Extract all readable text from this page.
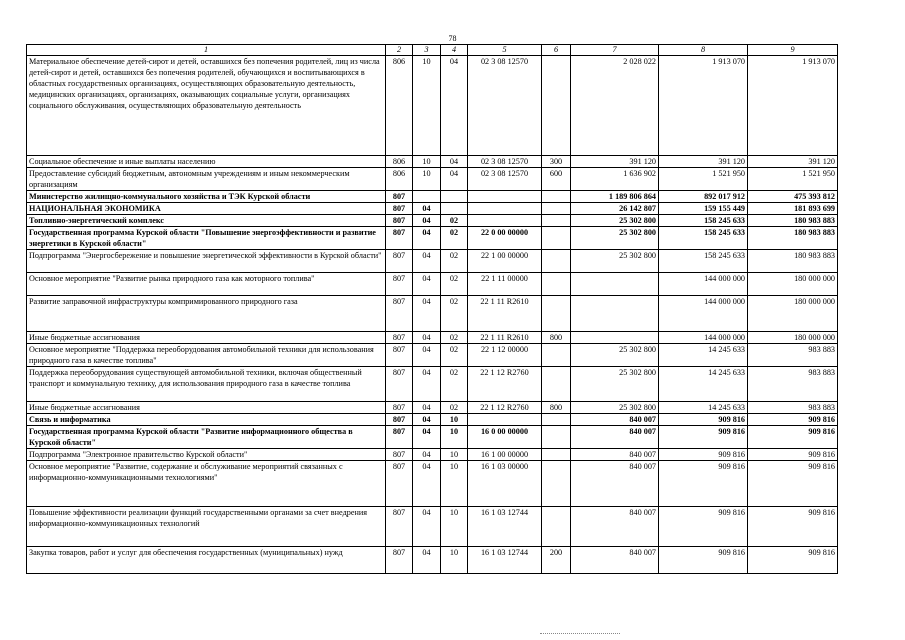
78
1	2	3	4	5	6	7	8	9
Материальное обеспечение детей-сирот и детей, оставшихся без попечения родителей, лиц из числа детей-сирот и детей, оставшихся без попечения родителей, обучающихся и воспитывающихся в областных государственных организациях, осуществляющих образовательную деятельность, медицинских организациях, организациях, оказывающих социальные услуги, организациях социального обслуживания, осуществляющих образовательную деятельность	806	10	04	02 3 08 12570		2 028 022	1 913 070	1 913 070
Социальное обеспечение и иные выплаты населению	806	10	04	02 3 08 12570	300	391 120	391 120	391 120
Предоставление субсидий бюджетным, автономным учреждениям и иным некоммерческим организациям	806	10	04	02 3 08 12570	600	1 636 902	1 521 950	1 521 950
Министерство жилищно-коммунального хозяйства и ТЭК Курской области	807					1 189 806 864	892 017 912	475 393 812
НАЦИОНАЛЬНАЯ ЭКОНОМИКА	807	04				26 142 807	159 155 449	181 893 699
Топливно-энергетический комплекс	807	04	02			25 302 800	158 245 633	180 983 883
Государственная программа Курской области "Повышение энергоэффективности и развитие энергетики в Курской области"	807	04	02	22 0 00 00000		25 302 800	158 245 633	180 983 883
Подпрограмма "Энергосбережение и повышение энергетической эффективности в Курской области"	807	04	02	22 1 00 00000		25 302 800	158 245 633	180 983 883
Основное мероприятие "Развитие рынка природного газа как моторного топлива"	807	04	02	22 1 11 00000			144 000 000	180 000 000
Развитие заправочной инфраструктуры компримированного природного газа	807	04	02	22 1 11 R2610			144 000 000	180 000 000
Иные бюджетные ассигнования	807	04	02	22 1 11 R2610	800		144 000 000	180 000 000
Основное мероприятие "Поддержка переоборудования автомобильной техники для использования природного газа в качестве топлива"	807	04	02	22 1 12 00000		25 302 800	14 245 633	983 883
Поддержка переоборудования существующей автомобильной техники, включая общественный транспорт и коммунальную технику, для использования природного газа в качестве топлива	807	04	02	22 1 12 R2760		25 302 800	14 245 633	983 883
Иные бюджетные ассигнования	807	04	02	22 1 12 R2760	800	25 302 800	14 245 633	983 883
Связь и информатика	807	04	10			840 007	909 816	909 816
Государственная программа Курской области "Развитие информационного общества в Курской области"	807	04	10	16 0 00 00000		840 007	909 816	909 816
Подпрограмма "Электронное правительство Курской области"	807	04	10	16 1 00 00000		840 007	909 816	909 816
Основное мероприятие "Развитие, содержание и обслуживание мероприятий связанных с информационно-коммуникационными технологиями"	807	04	10	16 1 03 00000		840 007	909 816	909 816
Повышение эффективности реализации функций государственными органами за счет внедрения информационно-коммуникационных технологий	807	04	10	16 1 03 12744		840 007	909 816	909 816
Закупка товаров, работ и услуг для обеспечения государственных (муниципальных) нужд	807	04	10	16 1 03 12744	200	840 007	909 816	909 816
